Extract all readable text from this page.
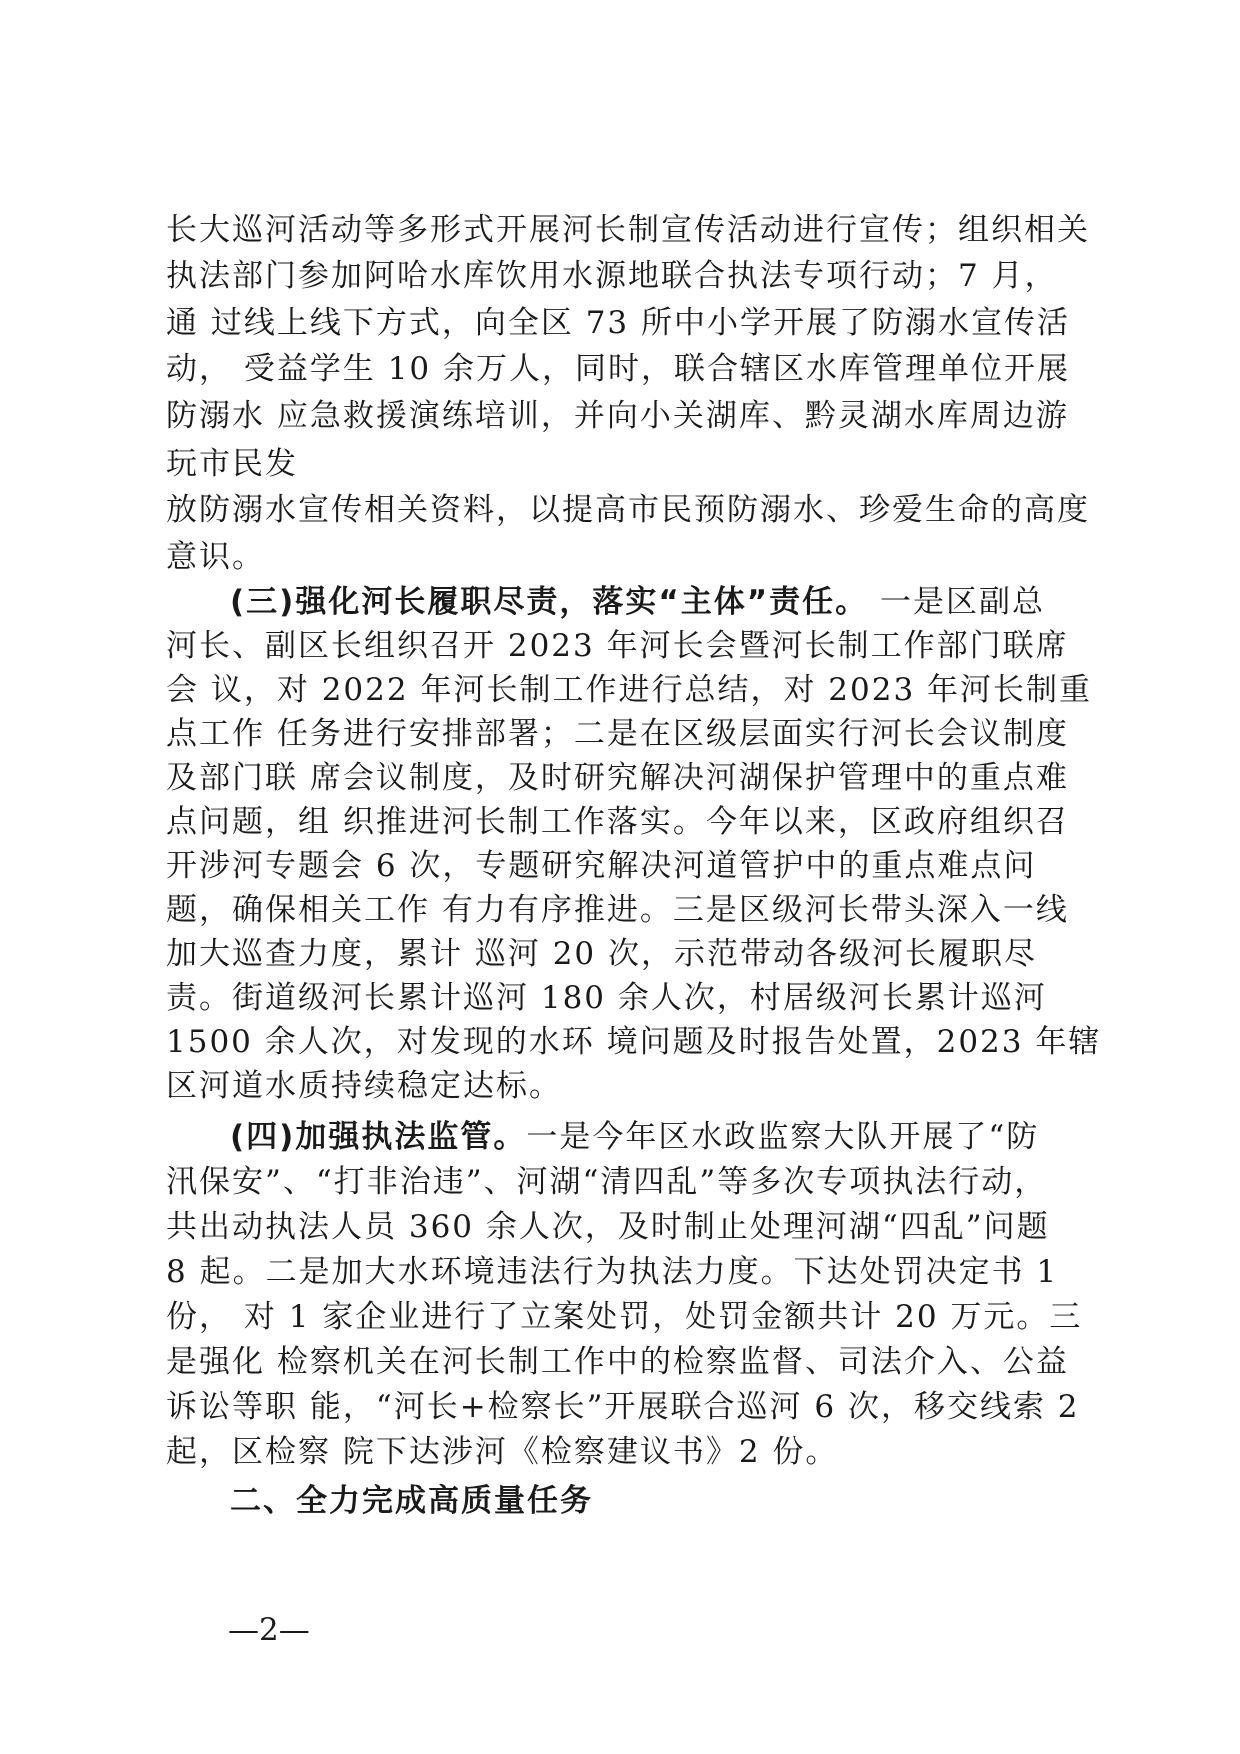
长大巡河活动等多形式开展河长制宣传活动进行宣传；组织相关
执法部门参加阿哈水库饮用水源地联合执法专项行动；7 月，
通 过线上线下方式，向全区 73 所中小学开展了防溺水宣传活
动， 受益学生 10 余万人，同时，联合辖区水库管理单位开展
防溺水 应急救援演练培训，并向小关湖库、黔灵湖水库周边游
玩市民发
放防溺水宣传相关资料，以提高市民预防溺水、珍爱生命的高度
意识。
(三)强化河长履职尽责，落实“主体”责任。 一是区副总
河长、副区长组织召开 2023 年河长会暨河长制工作部门联席
会 议，对 2022 年河长制工作进行总结，对 2023 年河长制重
点工作 任务进行安排部署；二是在区级层面实行河长会议制度
及部门联 席会议制度，及时研究解决河湖保护管理中的重点难
点问题，组 织推进河长制工作落实。今年以来，区政府组织召
开涉河专题会 6 次，专题研究解决河道管护中的重点难点问
题，确保相关工作 有力有序推进。三是区级河长带头深入一线
加大巡查力度，累计 巡河 20 次，示范带动各级河长履职尽
责。街道级河长累计巡河 180 余人次，村居级河长累计巡河
1500 余人次，对发现的水环 境问题及时报告处置，2023 年辖
区河道水质持续稳定达标。
(四)加强执法监管。一是今年区水政监察大队开展了“防
汛保安”、“打非治违”、河湖“清四乱”等多次专项执法行动，
共出动执法人员 360 余人次，及时制止处理河湖“四乱”问题
8 起。二是加大水环境违法行为执法力度。下达处罚决定书 1
份， 对 1 家企业进行了立案处罚，处罚金额共计 20 万元。三
是强化 检察机关在河长制工作中的检察监督、司法介入、公益
诉讼等职 能，“河长+检察长”开展联合巡河 6 次，移交线索 2
起，区检察 院下达涉河《检察建议书》2 份。
二、全力完成高质量任务
—2—
